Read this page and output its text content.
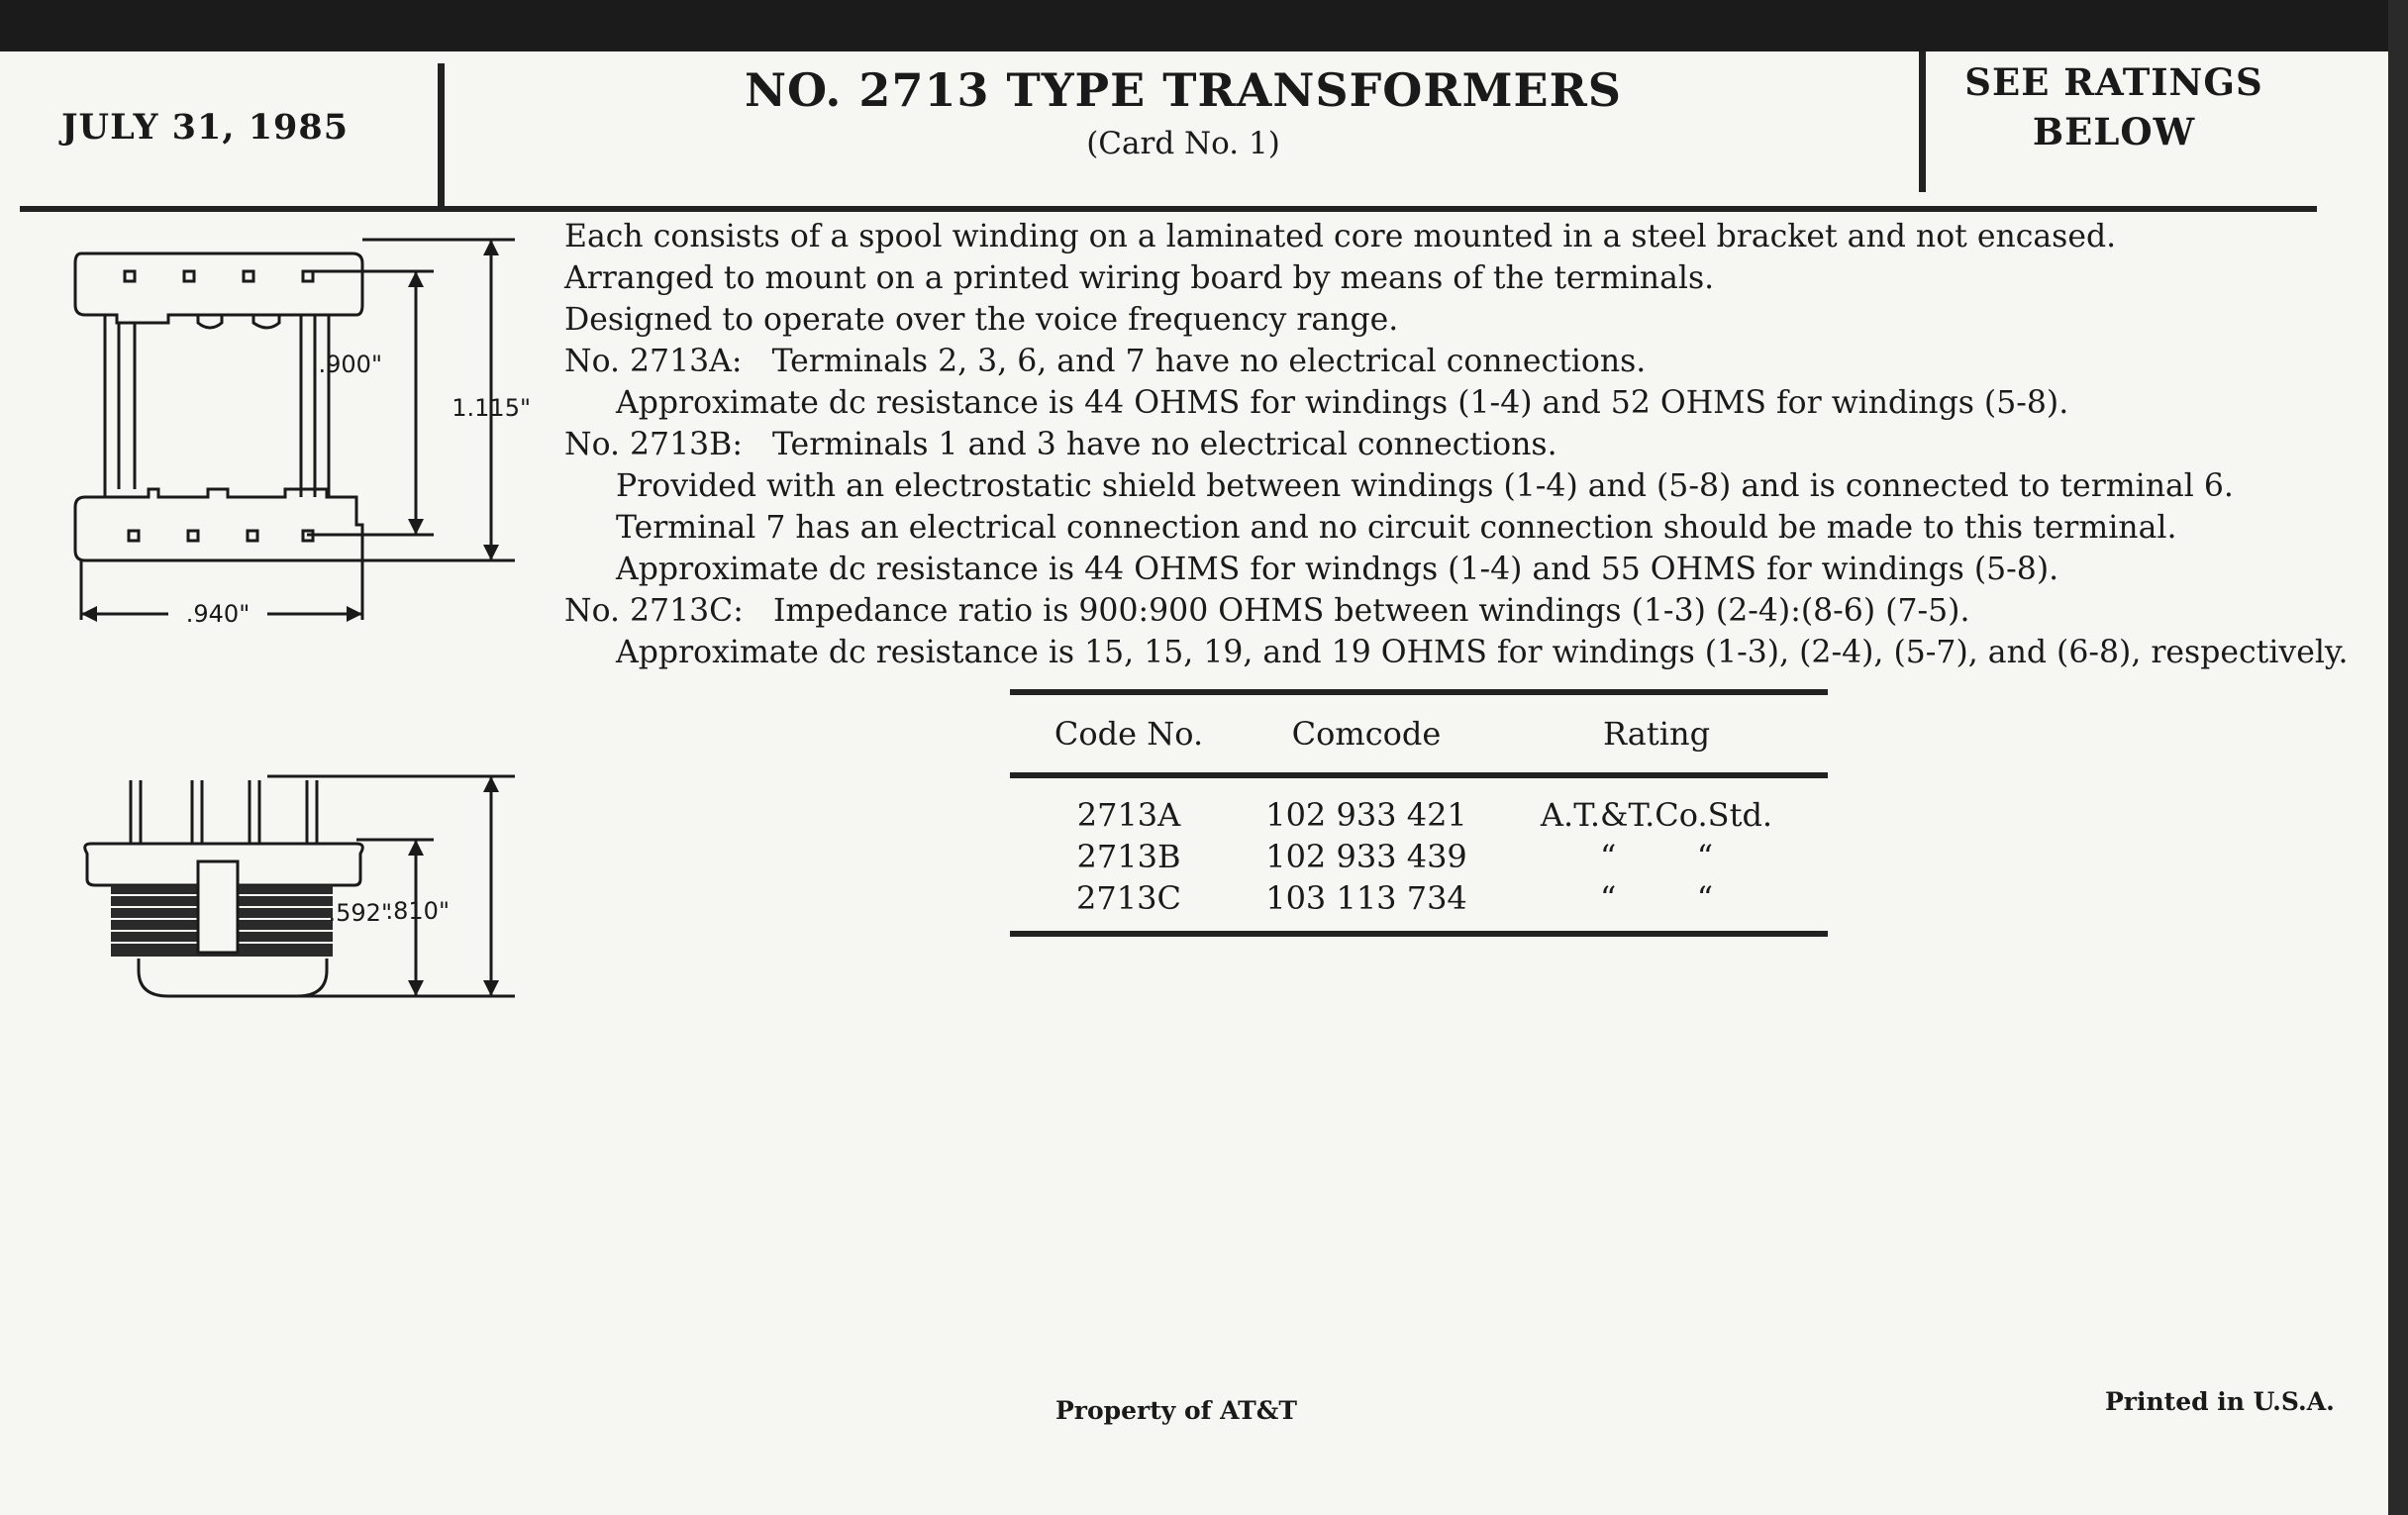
JULY 31, 1985
NO. 2713 TYPE TRANSFORMERS
(Card No. 1)
SEE RATINGS
BELOW
.900"
1.115"
.940"
.810"
.592"
Each consists of a spool winding on a laminated core mounted in a steel bracket and not encased.
Arranged to mount on a printed wiring board by means of the terminals.
Designed to operate over the voice frequency range.
No. 2713A: Terminals 2, 3, 6, and 7 have no electrical connections.
Approximate dc resistance is 44 OHMS for windings (1-4) and 52 OHMS for windings (5-8).
No. 2713B: Terminals 1 and 3 have no electrical connections.
Provided with an electrostatic shield between windings (1-4) and (5-8) and is connected to terminal 6.
Terminal 7 has an electrical connection and no circuit connection should be made to this terminal.
Approximate dc resistance is 44 OHMS for windngs (1-4) and 55 OHMS for windings (5-8).
No. 2713C: Impedance ratio is 900:900 OHMS between windings (1-3) (2-4):(8-6) (7-5).
Approximate dc resistance is 15, 15, 19, and 19 OHMS for windings (1-3), (2-4), (5-7), and (6-8), respectively.
Code No.	Comcode	Rating
2713A	102 933 421	A.T.&T.Co.Std.
2713B	102 933 439	“        “
2713C	103 113 734	“        “
Property of AT&T	Printed in U.S.A.
